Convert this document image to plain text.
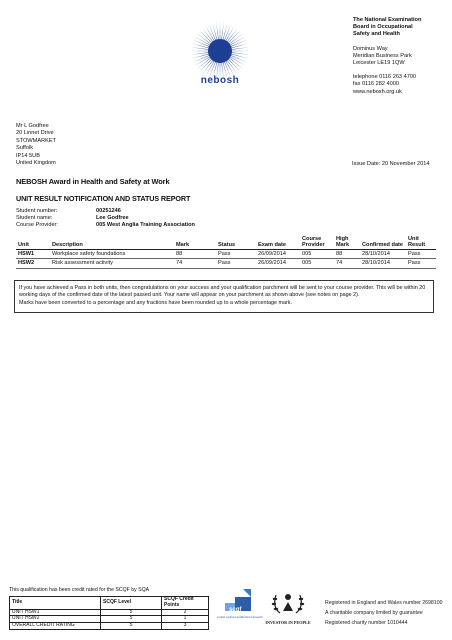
nebosh
The National Examination
Board in Occupational
Safety and Health
Dominus Way
Meridian Business Park
Leicester LE19 1QW
telephone 0116 263 4700
fax 0116 282 4000
www.nebosh.org.uk
Mr L Godfree
20 Linnet Drive
STOWMARKET
Suffolk
IP14 5UB
United Kingdom	Issue Date: 20 November 2014
NEBOSH Award in Health and Safety at Work
UNIT RESULT NOTIFICATION AND STATUS REPORT
Student number:	00251246
Student name:	Lee Godfree
Course Provider:	005 West Anglia Training Association
Unit	Description	Mark	Status	Exam date	Course Provider	High Mark	Confirmed date	Unit Result
HSW1	Workplace safety foundations	88	Pass	26/09/2014	005	88	28/10/2014	Pass
HSW2	Risk assessment activity	74	Pass	26/09/2014	005	74	28/10/2014	Pass

If you have achieved a Pass in both units, then congratulations on your success and your qualification parchment will be sent to your course provider. This will be within 20 working days of the confirmed date of the latest passed unit. Your name will appear on your parchment as shown above (see notes on page 2).

Marks have been converted to a percentage and any fractions have been rounded up to a whole percentage mark.

This qualification has been credit rated for the SCQF by SQA
Title	SCQF Level	SCQF Credit Points
UNIT HSW1	5	2
UNIT HSW2	5	1
OVERALL CREDIT RATING	5	3
scqf
scottish credit and qualifications framework
INVESTOR IN PEOPLE
Registered in England and Wales number 2698100
A charitable company limited by guarantee
Registered charity number 1010444
